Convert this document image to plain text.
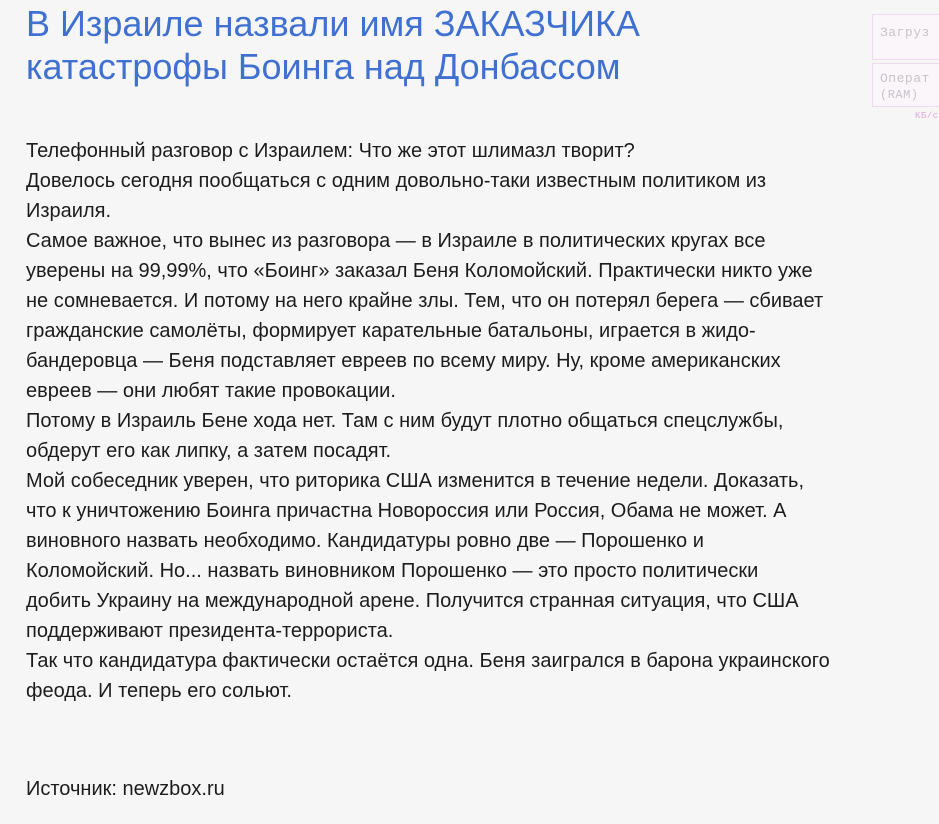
В Израиле назвали имя ЗАКАЗЧИКА катастрофы Боинга над Донбассом
Телефонный разговор с Израилем: Что же этот шлимазл творит?
Довелось сегодня пообщаться с одним довольно-таки известным политиком из
Израиля.
Самое важное, что вынес из разговора — в Израиле в политических кругах все
уверены на 99,99%, что «Боинг» заказал Беня Коломойский. Практически никто уже
не сомневается. И потому на него крайне злы. Тем, что он потерял берега — сбивает
гражданские самолёты, формирует карательные батальоны, играется в жидо-
бандеровца — Беня подставляет евреев по всему миру. Ну, кроме американских
евреев — они любят такие провокации.
Потому в Израиль Бене хода нет. Там с ним будут плотно общаться спецслужбы,
обдерут его как липку, а затем посадят.
Мой собеседник уверен, что риторика США изменится в течение недели. Доказать,
что к уничтожению Боинга причастна Новороссия или Россия, Обама не может. А
виновного назвать необходимо. Кандидатуры ровно две — Порошенко и
Коломойский. Но... назвать виновником Порошенко — это просто политически
добить Украину на международной арене. Получится странная ситуация, что США
поддерживают президента-террориста.
Так что кандидатура фактически остаётся одна. Беня заигрался в барона украинского
феода. И теперь его сольют.

Источник: newzbox.ru

Загруз
Операт
(RAM)
КБ/с
